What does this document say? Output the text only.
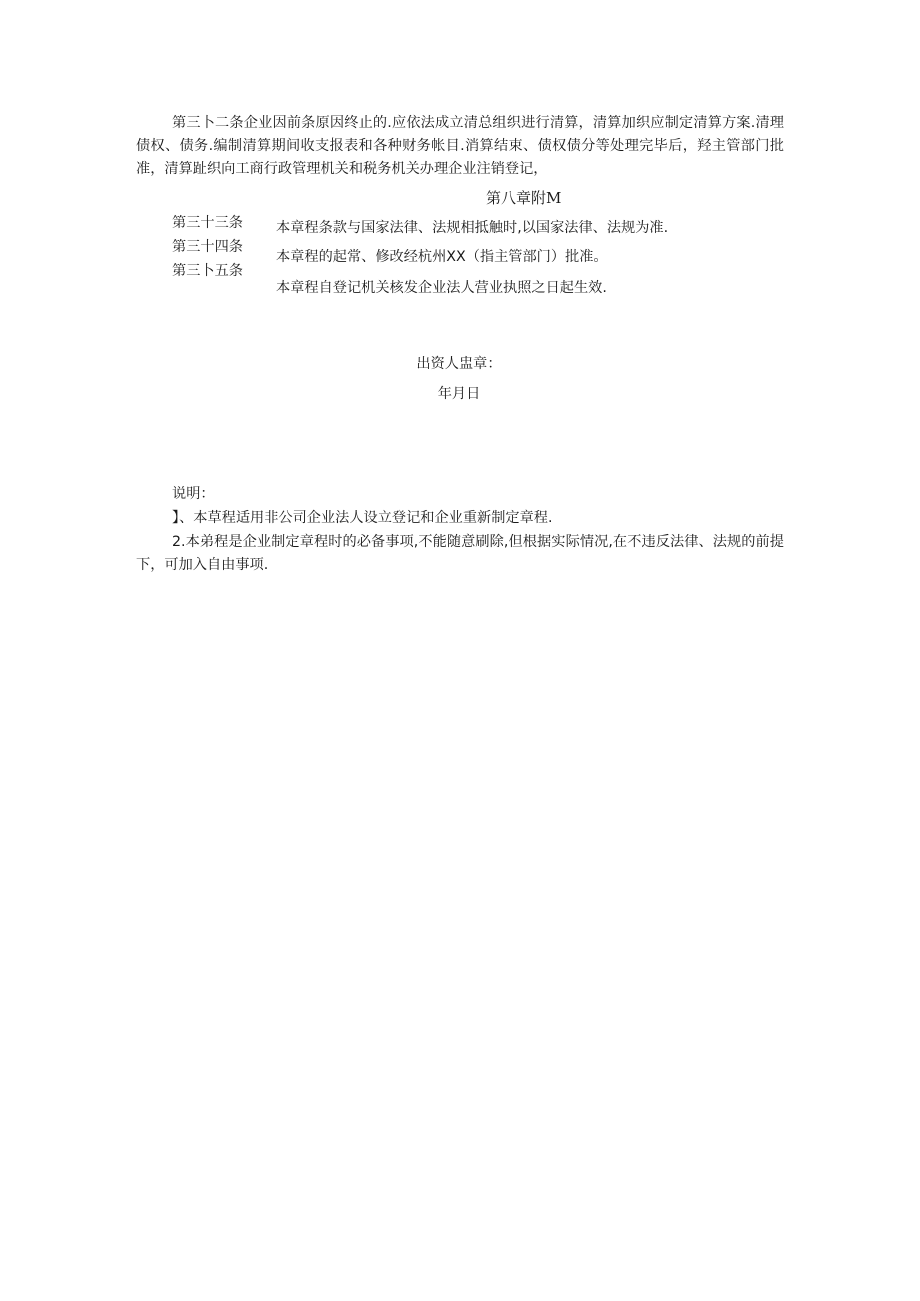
第三卜二条企业因前条原因终止的.应依法成立清总组织进行清算，清算加织应制定清算方案.清理债权、债务.编制清算期间收支报表和各种财务帐目.消算结束、债权债分等处理完毕后，羟主管部门批准，清算趾织向工商行政管理机关和税务机关办理企业注销登记，

第八章附M
第三十三条
第三十四条
第三卜五条
本章程条款与国家法律、法规相抵触时,以国家法律、法规为准.
本章程的起常、修改经杭州XX（指主管部门）批准。
本章程自登记机关核发企业法人营业执照之日起生效.
出资人盅章：
年月日
说明：
】、本草程适用非公司企业法人设立登记和企业重新制定章程.

2.本弟程是企业制定章程时的必备事项,不能随意刷除,但根据实际情况,在不违反法律、法规的前提下，可加入自由事项.
